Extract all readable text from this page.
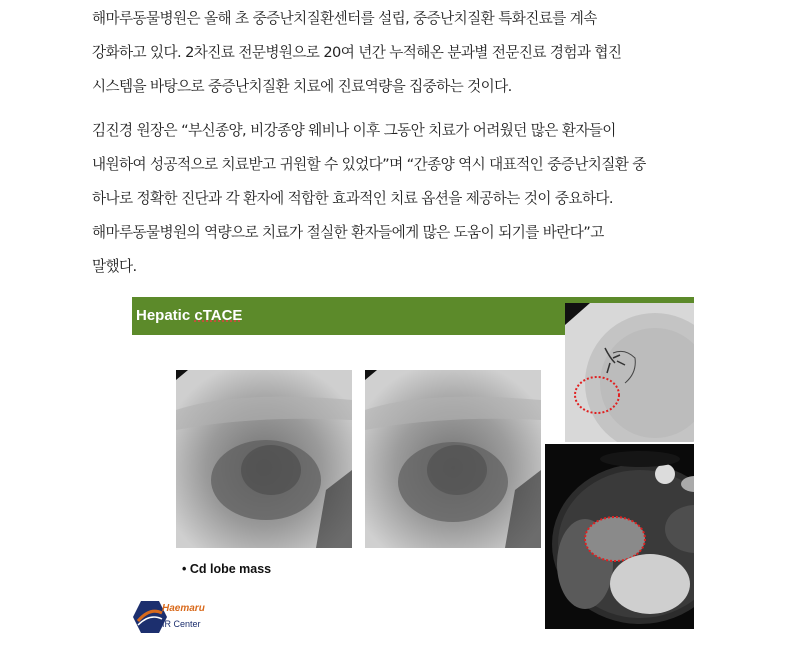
해마루동물병원은 올해 초 중증난치질환센터를 설립, 중증난치질환 특화진료를 계속
강화하고 있다. 2차진료 전문병원으로 20여 년간 누적해온 분과별 전문진료 경험과 협진
시스템을 바탕으로 중증난치질환 치료에 진료역량을 집중하는 것이다.
김진경 원장은 “부신종양, 비강종양 웨비나 이후 그동안 치료가 어려웠던 많은 환자들이
내원하여 성공적으로 치료받고 귀원할 수 있었다”며 “간종양 역시 대표적인 중증난치질환 중
하나로 정확한 진단과 각 환자에 적합한 효과적인 치료 옵션을 제공하는 것이 중요하다.
해마루동물병원의 역량으로 치료가 절실한 환자들에게 많은 도움이 되기를 바란다”고
말했다.
Hepatic cTACE
• Cd lobe mass
Haemaru
IR Center
